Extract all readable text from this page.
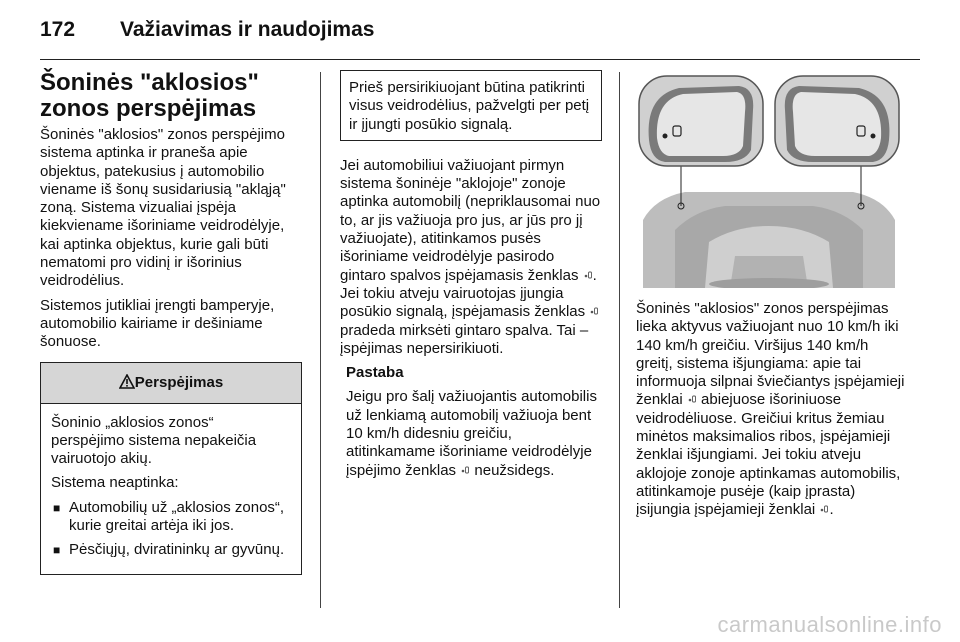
172 Važiavimas ir naudojimas
Šoninės "aklosios" zonos perspėjimas

Šoninės "aklosios" zonos perspėjimo sistema aptinka ir praneša apie objektus, patekusius į automobilio viename iš šonų susidariusią "akląją" zoną. Sistema vizualiai įspėja kiekviename išoriniame veidrodėlyje, kai aptinka objektus, kurie gali būti nematomi pro vidinį ir išorinius veidrodėlius.

Sistemos jutikliai įrengti bamperyje, automobilio kairiame ir dešiniame šonuose.

Perspėjimas

Šoninio „aklosios zonos“ perspėjimo sistema nepakeičia vairuotojo akių.

Sistema neaptinka:

■ Automobilių už „aklosios zonos“, kurie greitai artėja iki jos.
■ Pėsčiųjų, dviratininkų ar gyvūnų.
Prieš persirikiuojant būtina patikrinti visus veidrodėlius, pažvelgti per petį ir įjungti posūkio signalą.

Jei automobiliui važiuojant pirmyn sistema šoninėje "aklojoje" zonoje aptinka automobilį (nepriklausomai nuo to, ar jis važiuoja pro jus, ar jūs pro jį važiuojate), atitinkamos pusės išoriniame veidrodėlyje pasirodo gintaro spalvos įspėjamasis ženklas . Jei tokiu atveju vairuotojas įjungia posūkio signalą, įspėjamasis ženklas  pradeda mirksėti gintaro spalva. Tai – įspėjimas nepersirikiuoti.

Pastaba

Jeigu pro šalį važiuojantis automobilis už lenkiamą automobilį važiuoja bent 10 km/h didesniu greičiu, atitinkamame išoriniame veidrodėlyje įspėjimo ženklas neužsidegs.

Šoninės "aklosios" zonos perspėjimas lieka aktyvus važiuojant nuo 10 km/h iki 140 km/h greičiu. Viršijus 140 km/h greitį, sistema išjungiama: apie tai informuoja silpnai šviečiantys įspėjamieji ženklai abiejuose išoriniuose veidrodėliuose. Greičiui kritus žemiau minėtos maksimalios ribos, įspėjamieji ženklai išjungiami. Jei tokiu atveju aklojoje zonoje aptinkamas automobilis, atitinkamoje pusėje (kaip įprasta) įsijungia įspėjamieji ženklai .

carmanualsonline.info
